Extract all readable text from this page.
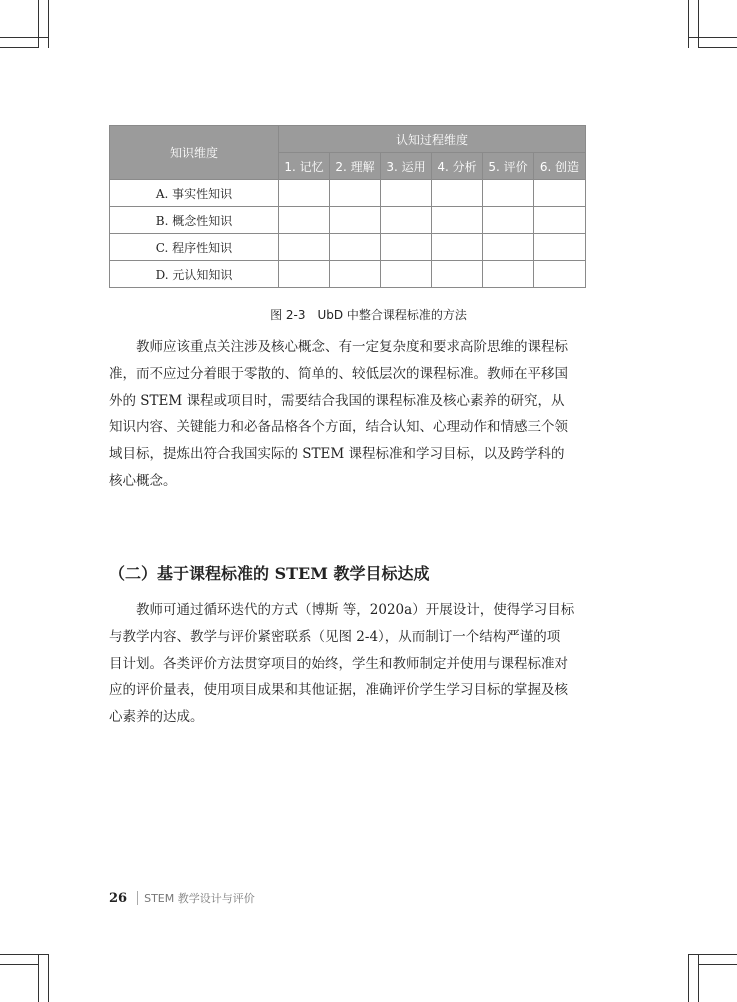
知识维度	认知过程维度					
	1. 记忆	2. 理解	3. 运用	4. 分析	5. 评价	6. 创造
A. 事实性知识						
B. 概念性知识						
C. 程序性知识						
D. 元认知知识						
图 2-3　UbD 中整合课程标准的方法
　　教师应该重点关注涉及核心概念、有一定复杂度和要求高阶思维的课程标
准，而不应过分着眼于零散的、简单的、较低层次的课程标准。教师在平移国
外的 STEM 课程或项目时，需要结合我国的课程标准及核心素养的研究，从
知识内容、关键能力和必备品格各个方面，结合认知、心理动作和情感三个领
域目标，提炼出符合我国实际的 STEM 课程标准和学习目标，以及跨学科的
核心概念。
（二）基于课程标准的 STEM 教学目标达成
　　教师可通过循环迭代的方式（博斯 等，2020a）开展设计，使得学习目标
与教学内容、教学与评价紧密联系（见图 2-4），从而制订一个结构严谨的项
目计划。各类评价方法贯穿项目的始终，学生和教师制定并使用与课程标准对
应的评价量表，使用项目成果和其他证据，准确评价学生学习目标的掌握及核
心素养的达成。
26 STEM 教学设计与评价
